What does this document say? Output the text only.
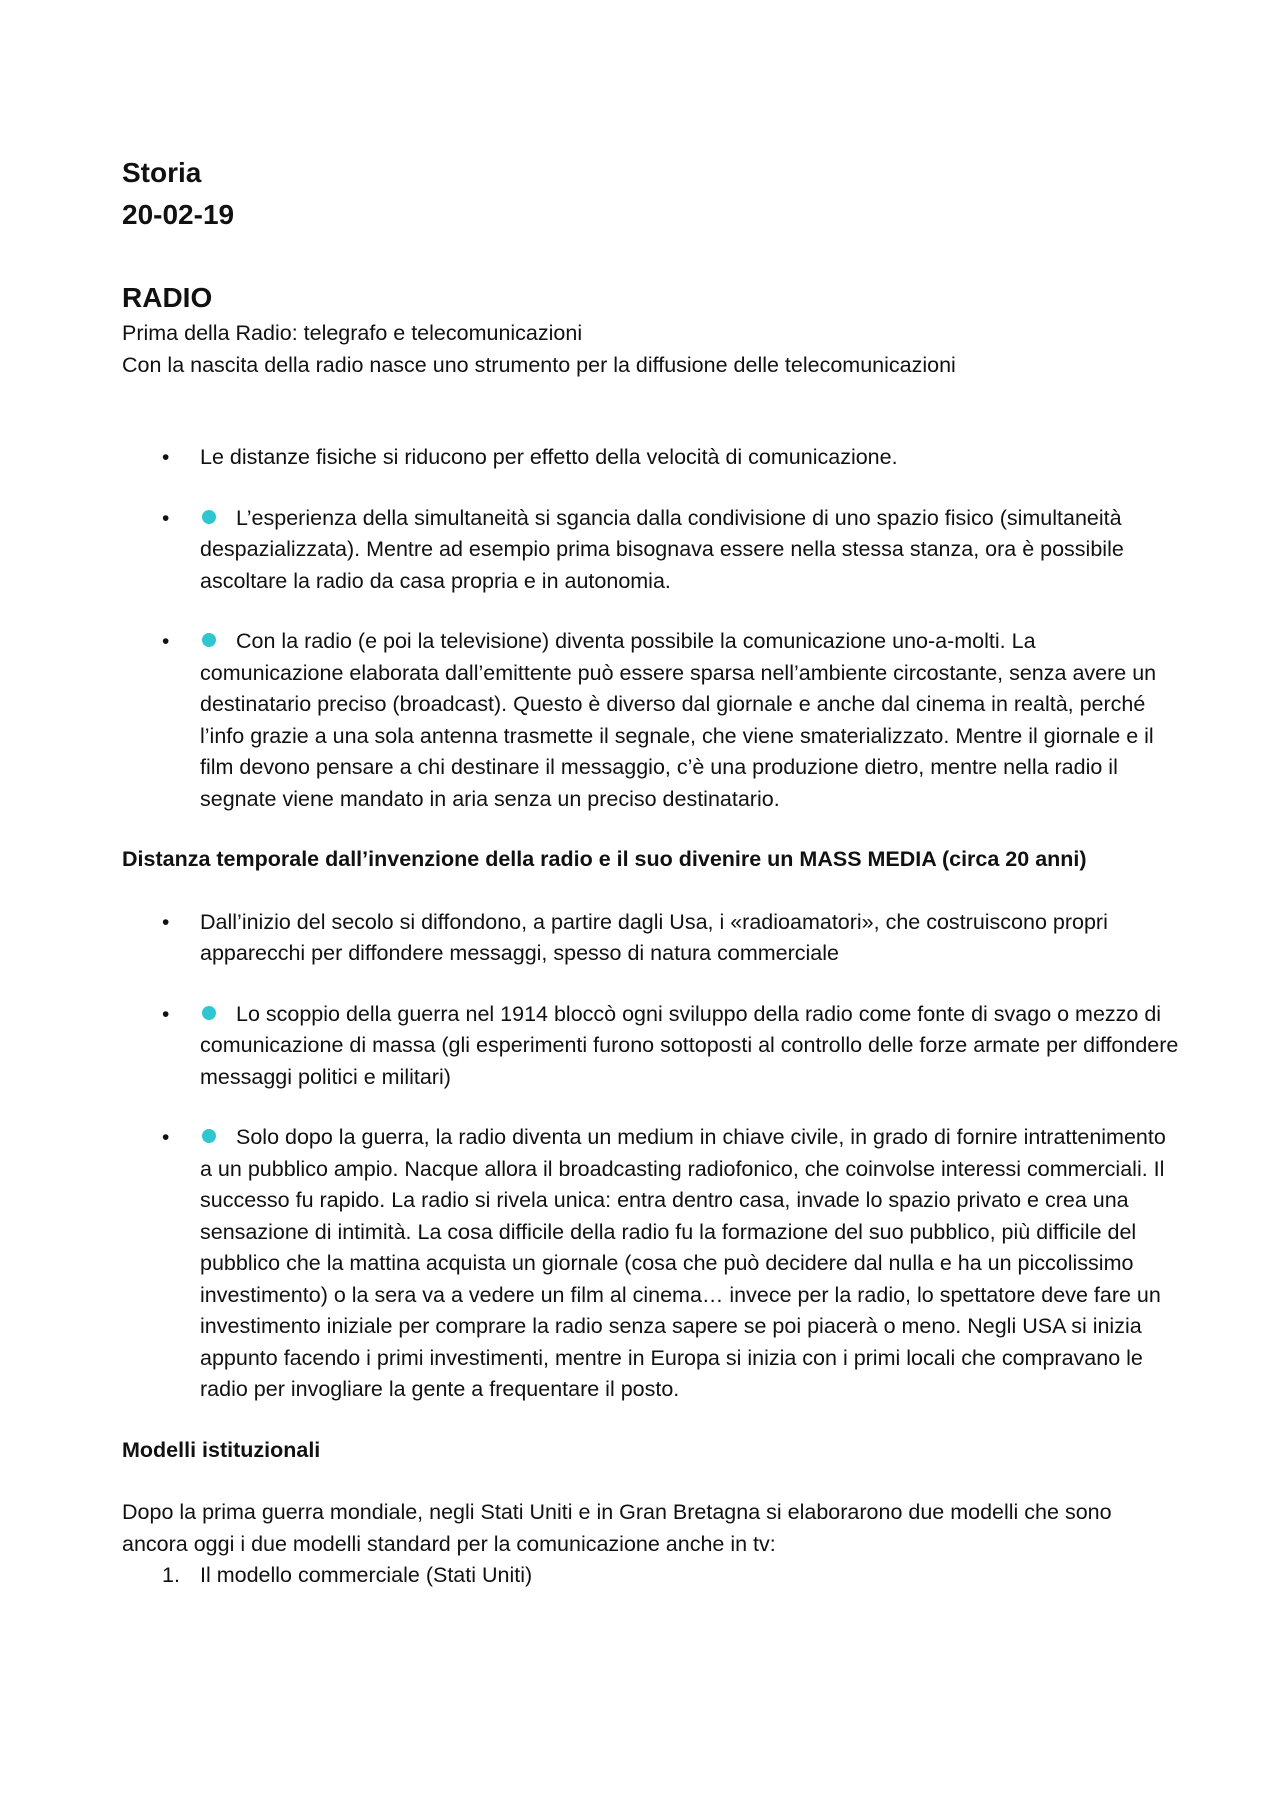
Storia
20-02-19
RADIO

Prima della Radio: telegrafo e telecomunicazioni

Con la nascita della radio nasce uno strumento per la diffusione delle telecomunicazioni

• Le distanze fisiche si riducono per effetto della velocità di comunicazione.
•	L’esperienza della simultaneità si sgancia dalla condivisione di uno spazio fisico (simultaneità despazializzata). Mentre ad esempio prima bisognava essere nella stessa stanza, ora è possibile ascoltare la radio da casa propria e in autonomia.
•	Con la radio (e poi la televisione) diventa possibile la comunicazione uno-a-molti. La comunicazione elaborata dall’emittente può essere sparsa nell’ambiente circostante, senza avere un destinatario preciso (broadcast). Questo è diverso dal giornale e anche dal cinema in realtà, perché l’info grazie a una sola antenna trasmette il segnale, che viene smaterializzato. Mentre il giornale e il film devono pensare a chi destinare il messaggio, c’è una produzione dietro, mentre nella radio il segnate viene mandato in aria senza un preciso destinatario.

Distanza temporale dall’invenzione della radio e il suo divenire un MASS MEDIA (circa 20 anni)

• Dall’inizio del secolo si diffondono, a partire dagli Usa, i «radioamatori», che costruiscono propri apparecchi per diffondere messaggi, spesso di natura commerciale
•	Lo scoppio della guerra nel 1914 bloccò ogni sviluppo della radio come fonte di svago o mezzo di comunicazione di massa (gli esperimenti furono sottoposti al controllo delle forze armate per diffondere messaggi politici e militari)
•	Solo dopo la guerra, la radio diventa un medium in chiave civile, in grado di fornire intrattenimento a un pubblico ampio. Nacque allora il broadcasting radiofonico, che coinvolse interessi commerciali. Il successo fu rapido. La radio si rivela unica: entra dentro casa, invade lo spazio privato e crea una sensazione di intimità. La cosa difficile della radio fu la formazione del suo pubblico, più difficile del pubblico che la mattina acquista un giornale (cosa che può decidere dal nulla e ha un piccolissimo investimento) o la sera va a vedere un film al cinema… invece per la radio, lo spettatore deve fare un investimento iniziale per comprare la radio senza sapere se poi piacerà o meno. Negli USA si inizia appunto facendo i primi investimenti, mentre in Europa si inizia con i primi locali che compravano le radio per invogliare la gente a frequentare il posto.

Modelli istituzionali

Dopo la prima guerra mondiale, negli Stati Uniti e in Gran Bretagna si elaborarono due modelli che sono ancora oggi i due modelli standard per la comunicazione anche in tv:

1. Il modello commerciale (Stati Uniti)
